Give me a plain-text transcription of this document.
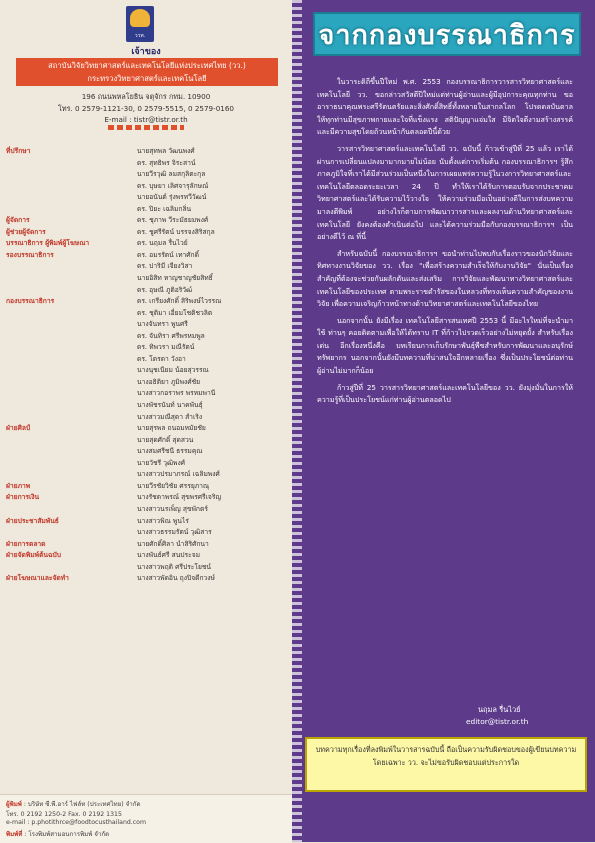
ววท.
เจ้าของ
สถาบันวิจัยวิทยาศาสตร์และเทคโนโลยีแห่งประเทศไทย (วว.)
กระทรวงวิทยาศาสตร์และเทคโนโลยี
196 ถนนพหลโยธิน จตุจักร กทม. 10900
โทร. 0 2579-1121-30, 0 2579-5515, 0 2579-0160
E-mail : tistr@tistr.or.th
ที่ปรึกษา	นายสุทพล วัฒนพงศ์
ดร. สุทธิพร จิระสาน์
นายวีรวุฒิ ลมสกุลิตะกุล
ดร. บุษยา เลิศจารุลักษณ์
นายอนันต์ รุ่งพรทวีวัฒน์
ดร. ปิยะ เฉลิมกลิ่น
ผู้จัดการ	ดร. ชุภาพ วีระมัธยมพงศ์
ผู้ช่วยผู้จัดการ	ดร. ชูศรีรัตน์ บรรจงสิริสกุล
บรรณาธิการ ผู้พิมพ์ผู้โฆษณา	ดร. นฤมล รื่นไวย์
รองบรรณาธิการ	ดร. อมรรัตน์ เทาศักดิ์
ดร. ปาริมี เจียงวิสา
นายอิสิท หาญชาญชัยสิทธิ์
ดร. อุษณี ภูติอริวัฒ์
กองบรรณาธิการ	ดร. เกรียงศักดิ์ สิริพงษ์ไวรรณ
ดร. ชุติมา เอี่ยมโชติชวลิต
นางจันทรา พูนศรี
ดร. จันทิรา ศรีพรหมพูล
ดร. ทิพวรา มณีรัตน์
ดร. โตรดา วังอา
นางนุชเนียม น้อยสุวรรณ
นางอธิติยา ภูมิพงศ์ชัย
นางสาวกอราพร พรหมพานี
นางพัชรนันท์ นาคพันธุ์
นางสาวมณีสุดา สำเริง
ฝ่ายศิลป์	นายสุรพล ถนอมหมัยชัย
นายสุดศักดิ์ สุดสวน
นางสมศรีชนี ธรรมคุณ
นายวัชรี วุฒิพงศ์
นางสาวปรมาภรณ์ เฉลิมพงศ์
ฝ่ายภาพ	นายวีรชัยวิชัย ศรรยุภาณุ
ฝ่ายการเงิน	นางรัชดาพรณ์ สุขพรศรีเจริญ
นางสาวนรเพ็ญ สุขพักตร์
ฝ่ายประชาสัมพันธ์	นางสาวพิณ พูนไร่
นางสาวธรรมรัตน์ วุฒิสาร
ฝ่ายการตลาด	นายศักดิ์ศิลา นำสิริศักนา
ฝ่ายจัดพิมพ์ต้นฉบับ	นางพันธ์ศรี สนประจม
นางสาวพฤติ ศรีประโยชน์
ฝ่ายโฆษณาและจัดทำ	นางสาวพัดอิน ถุงปิจดีกวงษ์
ผู้พิมพ์ : บริษัท ซี.พี.อาร์ ไฟล์ท (ประเทศไทย) จำกัด
โทร. 0 2192 1250-2 Fax. 0 2192 1315
e-mail : p.photithrce@foodtocusthailand.com
พิมพ์ที่ : โรงพิมพ์สามอนการพิมพ์ จำกัด
จากกองบรรณาธิการ

ในวาระดิถีขึ้นปีใหม่ พ.ศ. 2553 กองบรรณาธิการวารสารวิทยาศาสตร์และเทคโนโลยี วว. ขอกล่าวสวัสดีปีใหม่แด่ท่านผู้อ่านและผู้มีอุปการะคุณทุกท่าน ขออาราธนาคุณพระศรีรัตนตรัยและสิ่งศักดิ์สิทธิ์ทั้งหลายในสากลโลก โปรดดลบันดาลให้ทุกท่านมีสุขภาพกายและใจที่แข็งแรง สติปัญญาแจ่มใส มีจิตใจดีงามสร้างสรรค์ และมีความสุขโดยถ้วนหน้ากันตลอดปีนี้ด้วย

วารสารวิทยาศาสตร์และเทคโนโลยี วว. ฉบับนี้ ก้าวเข้าสู่ปีที่ 25 แล้ว เราได้ผ่านการเปลี่ยนแปลงมามากมายไม่น้อย นับตั้งแต่การเริ่มต้น กองบรรณาธิการฯ รู้สึกภาคภูมิใจที่เราได้มีส่วนร่วมเป็นหนึ่งในการเผยแพร่ความรู้ในวงการวิทยาศาสตร์และเทคโนโลยีตลอดระยะเวลา 24 ปี ทำให้เราได้รับการตอบรับจากประชาคมวิทยาศาสตร์และได้รับความไว้วางใจ ให้ความร่วมมือเป็นอย่างดีในการส่งบทความมาลงตีพิมพ์ อย่างไรก็ตามการพัฒนาวารสารและผลงานด้านวิทยาศาสตร์และเทคโนโลยี ยังคงต้องดำเนินต่อไป และได้ความร่วมมือกับกองบรรณาธิการฯ เป็นอย่างดีไว้ ณ ที่นี้

สำหรับฉบับนี้ กองบรรณาธิการฯ ขอนำท่านไปพบกับเรื่องราวของนักวิจัยและทิศทางงานวิจัยของ วว. เรื่อง "เพื่อสร้างความสำเร็จให้กับงานวิจัย" นั่นเป็นเรื่องสำคัญที่ต้องจะช่วยกันผลักดันและส่งเสริม การวิจัยและพัฒนาทางวิทยาศาสตร์และเทคโนโลยีของประเทศ ตามพระราชดำรัสของในหลวงที่ทรงเห็นความสำคัญของงานวิจัย เพื่อความเจริญก้าวหน้าทางด้านวิทยาศาสตร์และเทคโนโลยีของไทย

นอกจากนั้น ยังมีเรื่อง เทคโนโลยีสารสนเทศปี 2553 นี้ มีอะไรใหม่ที่จะนำมาใช้ ท่านๆ คอยติดตามเพื่อให้ได้ทราบ IT ที่ก้าวไปรวดเร็วอย่างไม่หยุดยั้ง สำหรับเรื่องเด่น อีกเรื่องหนึ่งคือ บทเรียนการเก็บรักษาพันธุ์พืชสำหรับการพัฒนาและอนุรักษ์ทรัพยากร นอกจากนั้นยังมีบทความที่น่าสนใจอีกหลายเรื่อง ซึ่งเป็นประโยชน์ต่อท่านผู้อ่านไม่มากก็น้อย

ก้าวสู่ปีที่ 25 วารสารวิทยาศาสตร์และเทคโนโลยีของ วว. ยังมุ่งมั่นในการให้ความรู้ที่เป็นประโยชน์แก่ท่านผู้อ่านตลอดไป

นฤมล รื่นไวย์
editor@tistr.or.th
บทความทุกเรื่องที่ลงพิมพ์ในวารสารฉบับนี้ ถือเป็นความรับผิดชอบของผู้เขียนบทความ โดยเฉพาะ วว. จะไม่ขอรับผิดชอบแต่ประการใด
